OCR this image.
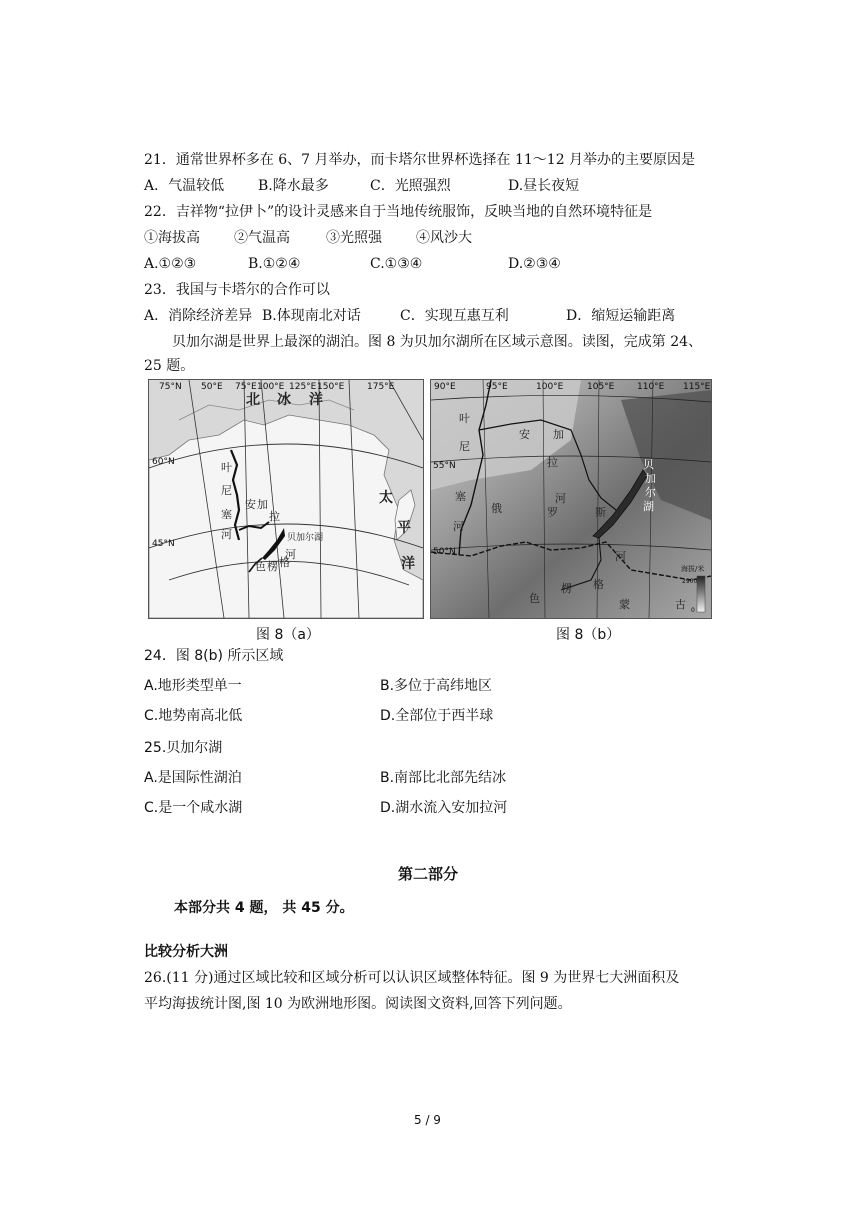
21．通常世界杯多在 6、7 月举办，而卡塔尔世界杯选择在 11～12 月举办的主要原因是
A．气温较低 B.降水最多	C．光照强烈	D.昼长夜短
22．吉祥物“拉伊卜”的设计灵感来自于当地传统服饰，反映当地的自然环境特征是
①海拔高 ②气温高	③光照强 ④风沙大
A.①②③	B.①②④	C.①③④	D.②③④
23．我国与卡塔尔的合作可以
A．消除经济差异 B.体现南北对话	C．实现互惠互利	D．缩短运输距离
贝加尔湖是世界上最深的湖泊。图 8 为贝加尔湖所在区域示意图。读图，完成第 24、
25 题。
75°N 50°E 75°E 100°E 125°E 150°E	175°E
60°N
45°N
北 冰 洋
太
平
洋
叶
尼
塞
河
安 加
拉
河
贝加尔湖
色 楞 格
图 8（a）
90°E	95°E	100°E	105°E	110°E 115°E
55°N
50°N
叶
尼
塞
河
安 加
拉
河
俄	罗	斯
贝
加
尔
湖
河
色
楞 格
蒙	古
海拔/米
2900
0
图 8（b）
24．图 8(b) 所示区域
A.地形类型单一	B.多位于高纬地区
C.地势南高北低	D.全部位于西半球
25.贝加尔湖
A.是国际性湖泊	B.南部比北部先结冰
C.是一个咸水湖	D.湖水流入安加拉河
第二部分
本部分共 4 题， 共 45 分。
比较分析大洲
26.(11 分)通过区域比较和区域分析可以认识区域整体特征。图 9 为世界七大洲面积及
平均海拔统计图,图 10 为欧洲地形图。阅读图文资料,回答下列问题。
5 / 9
